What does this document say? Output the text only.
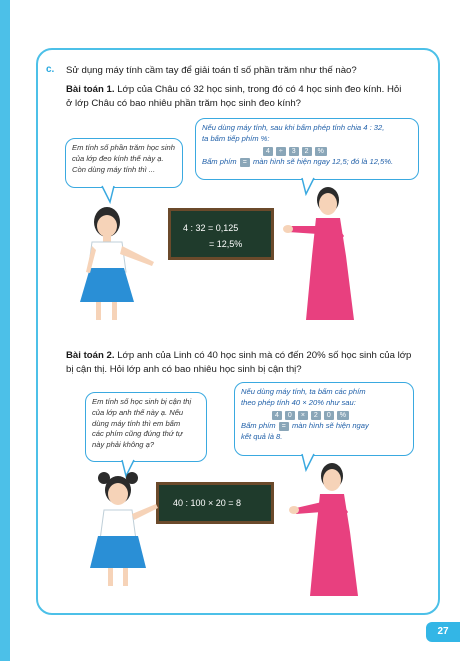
c. Sử dụng máy tính cầm tay để giải toán tỉ số phần trăm như thế nào?
Bài toán 1. Lớp của Châu có 32 học sinh, trong đó có 4 học sinh đeo kính. Hỏi
ở lớp Châu có bao nhiêu phần trăm học sinh đeo kính?
Em tính số phần trăm học sinh
của lớp đeo kính thế này ạ.
Còn dùng máy tính thì ...
Nếu dùng máy tính, sau khi bấm phép tính chia 4 : 32,
ta bấm tiếp phím %:
4	÷	3	2	%
Bấm phím = màn hình sẽ hiện ngay 12,5; đó là 12,5%.
4 : 32 = 0,125
= 12,5%
Bài toán 2. Lớp anh của Linh có 40 học sinh mà có đến 20% số học sinh của lớp
bị cận thị. Hỏi lớp anh có bao nhiêu học sinh bị cận thị?
Em tính số học sinh bị cận thị
của lớp anh thế này ạ. Nếu
dùng máy tính thì em bấm
các phím cũng đúng thứ tự
này phải không ạ?
Nếu dùng máy tính, ta bấm các phím
theo phép tính 40 × 20% như sau:
4	0	×	2	0	%
Bấm phím = màn hình sẽ hiện ngay
kết quả là 8.
40 : 100 × 20 = 8
27
